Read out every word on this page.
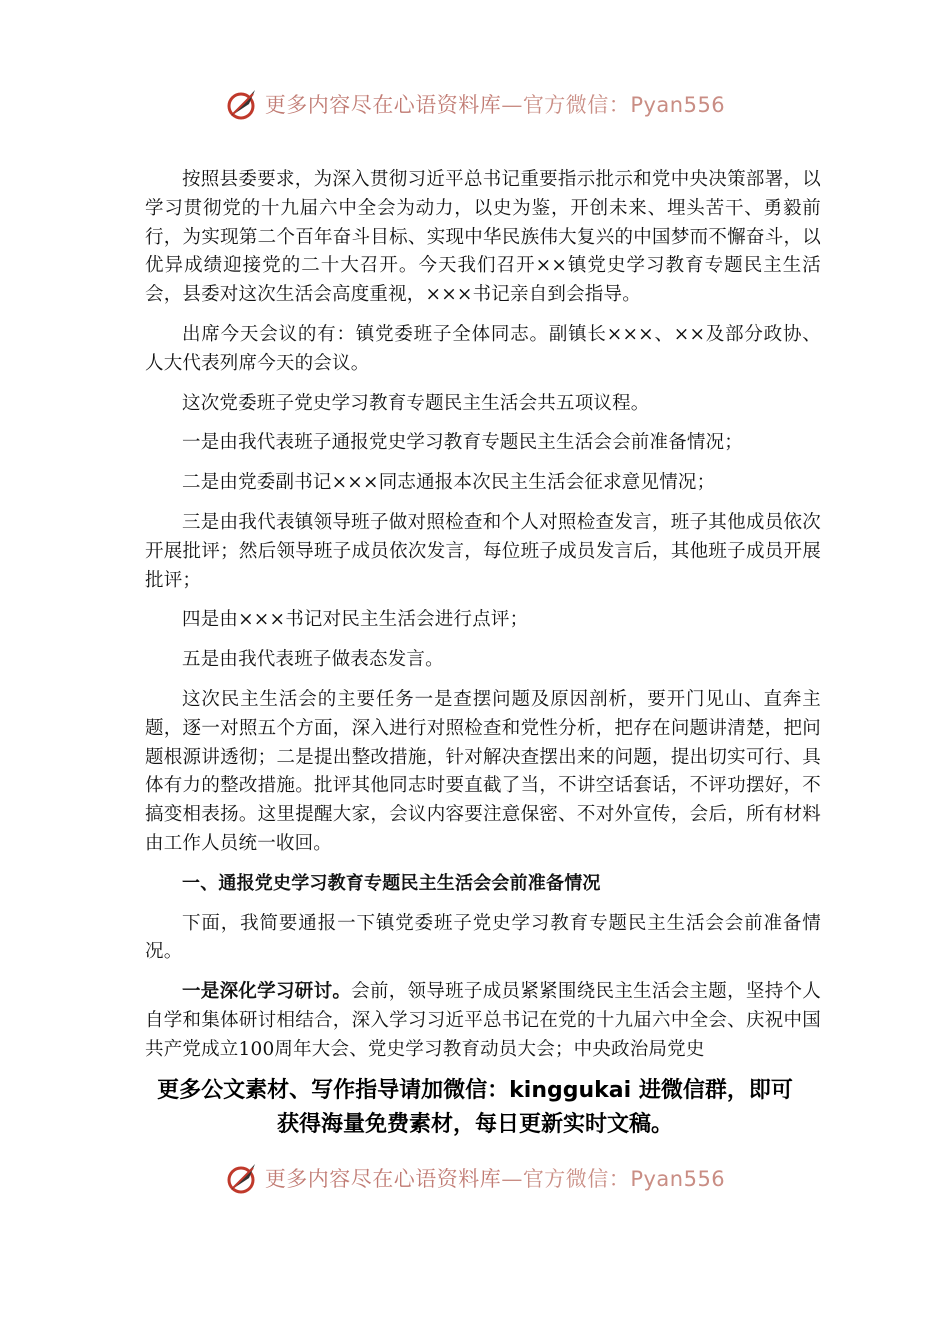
更多内容尽在心语资料库—官方微信：Pyan556

按照县委要求，为深入贯彻习近平总书记重要指示批示和党中央决策部署，以学习贯彻党的十九届六中全会为动力，以史为鉴，开创未来、埋头苦干、勇毅前行，为实现第二个百年奋斗目标、实现中华民族伟大复兴的中国梦而不懈奋斗，以优异成绩迎接党的二十大召开。今天我们召开××镇党史学习教育专题民主生活会，县委对这次生活会高度重视，×××书记亲自到会指导。

出席今天会议的有：镇党委班子全体同志。副镇长×××、××及部分政协、人大代表列席今天的会议。

这次党委班子党史学习教育专题民主生活会共五项议程。

一是由我代表班子通报党史学习教育专题民主生活会会前准备情况；

二是由党委副书记×××同志通报本次民主生活会征求意见情况；

三是由我代表镇领导班子做对照检查和个人对照检查发言，班子其他成员依次开展批评；然后领导班子成员依次发言，每位班子成员发言后，其他班子成员开展批评；

四是由×××书记对民主生活会进行点评；

五是由我代表班子做表态发言。

这次民主生活会的主要任务一是查摆问题及原因剖析，要开门见山、直奔主题，逐一对照五个方面，深入进行对照检查和党性分析，把存在问题讲清楚，把问题根源讲透彻；二是提出整改措施，针对解决查摆出来的问题，提出切实可行、具体有力的整改措施。批评其他同志时要直截了当，不讲空话套话，不评功摆好，不搞变相表扬。这里提醒大家，会议内容要注意保密、不对外宣传，会后，所有材料由工作人员统一收回。

一、通报党史学习教育专题民主生活会会前准备情况

下面，我简要通报一下镇党委班子党史学习教育专题民主生活会会前准备情况。

一是深化学习研讨。会前，领导班子成员紧紧围绕民主生活会主题，坚持个人自学和集体研讨相结合，深入学习习近平总书记在党的十九届六中全会、庆祝中国共产党成立100周年大会、党史学习教育动员大会；中央政治局党史

更多公文素材、写作指导请加微信：kinggukai 进微信群，即可
获得海量免费素材，每日更新实时文稿。
更多内容尽在心语资料库—官方微信：Pyan556
